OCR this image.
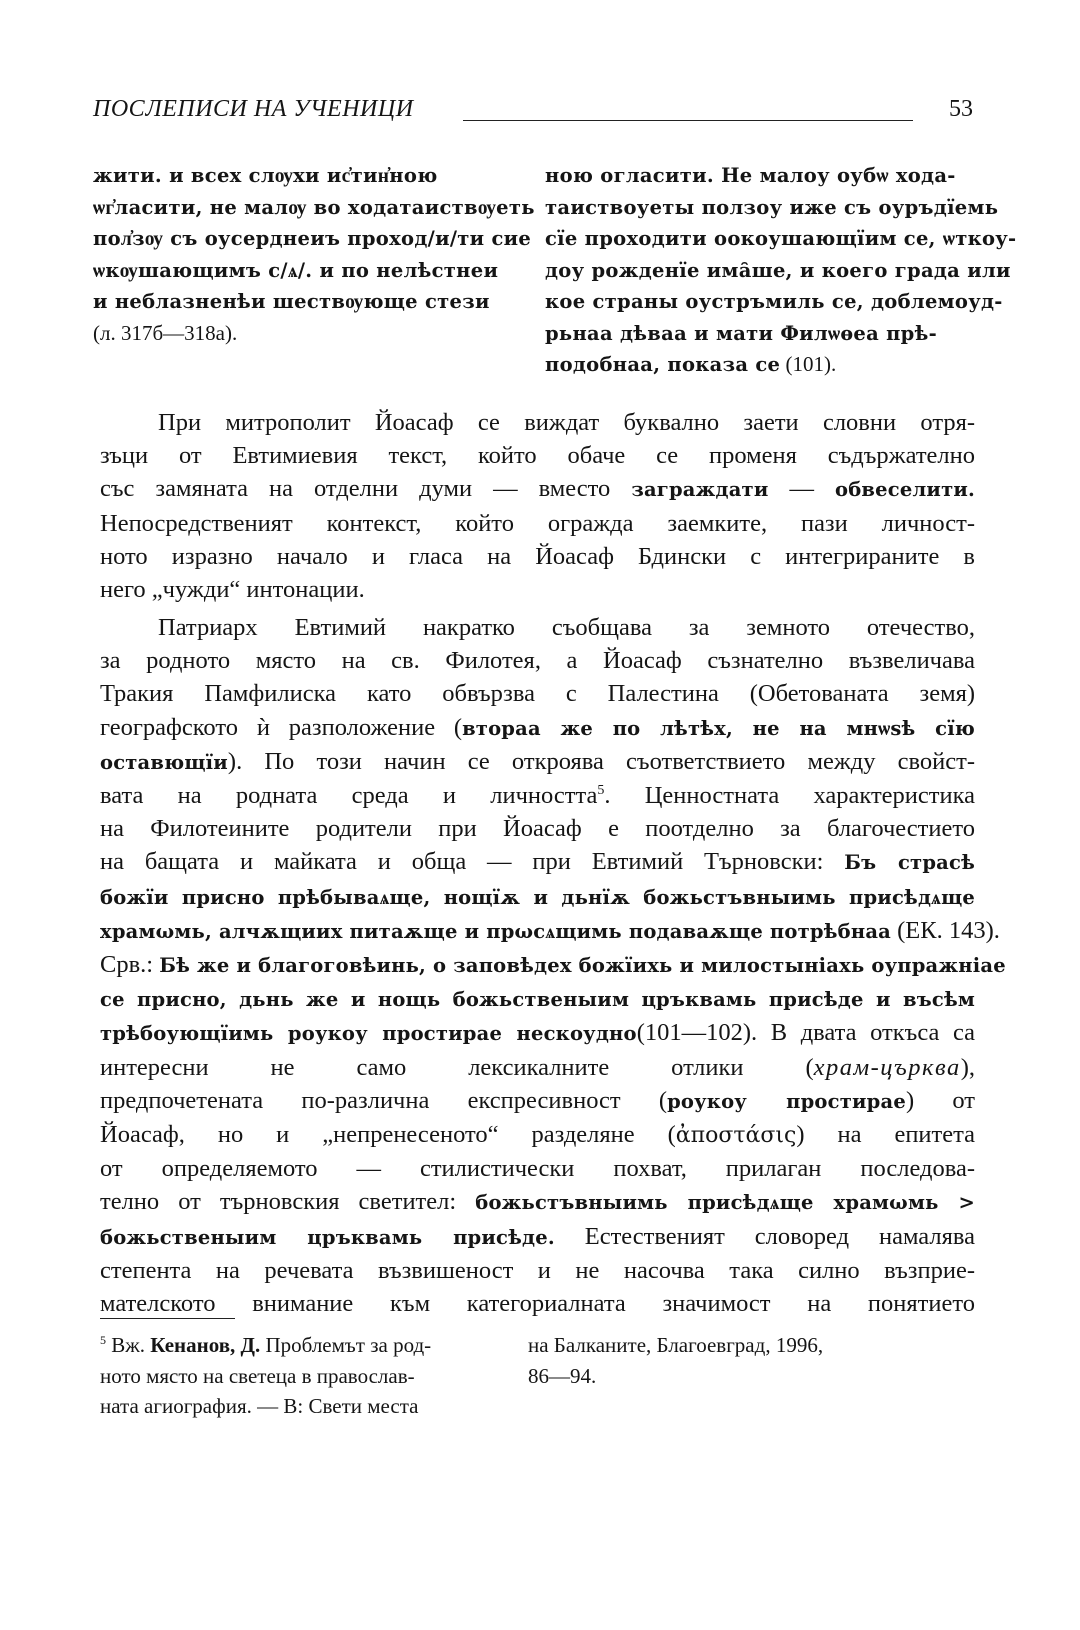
ПОСЛЕПИСИ НА УЧЕНИЦИ	53
жити. и всех слѹхи ис҆тин҆ною
ѡг҆ласити, не малѹ во ходатаиствѹеть
пол҆зѹ съ оусерднеиъ проход/и/ти сие
ѡкѹшающимъ с/ѧ/. и по нелѣстнеи
и неблазненѣи шествѹюще стези
(л. 317б—318а).
ною огласити. Не малоу оубѡ хода-
таиствоуеты ползоу иже съ оуръдїемь
сїе проходити оокоушающїим се, ѡткоу-
доу рожденїе има̑ше, и коего града или
кое страны оустръмиль се, доблемоуд-
рьнаа дѣваа и мати Филѡѳеа прѣ-
подобнаа, показа се (101).
При митрополит Йоасаф се виждат буквално заети словни отря-
зъци от Евтимиевия текст, който обаче се променя съдържателно
със замяната на отделни думи — вместо заграждати — обвеселити.
Непосредственият контекст, който огражда заемките, пази личност-
ното изразно начало и гласа на Йоасаф Бдински с интегрираните в
него „чужди“ интонации.
Патриарх Евтимий накратко съобщава за земното отечество,
за родното място на св. Филотея, а Йоасаф съзнателно възвеличава
Тракия Памфилиска като обвързва с Палестина (Обетованата земя)
географското ѝ разположение (втораа же по лѣтѣх, не на мнѡѕѣ сїю
оставющїи). По този начин се откроява съответствието между свойст-
вата на родната среда и личността$^5$. Ценностната характеристика
на Филотеините родители при Йоасаф е поотделно за благочестието
на бащата и майката и обща — при Евтимий Търновски: Бъ страсѣ
божїи присно прѣбываѧще, нощїѫ и дьнїѫ божьстъвныимь присѣдѧще
храмωмь, алчѫщиих питаѫще и прωсѧщимь подаваѫще потрѣбнаа (ЕК. 143).
Срв.: Бѣ же и благоговѣинь, о заповѣдех божїихь и милостынiахь оупражнiае
се присно, дьнь же и нощь божьственыим цръквамь присѣде и въсѣм
трѣбоующїимь роукоу простирае нескоудно(101—102). В двата откъса са
интересни не само лексикалните отлики (храм-църква),
предпочетената по-различна експресивност (роукоу простирае) от
Йоасаф, но и „непренесеното“ разделяне (ἀποστάσις) на епитета
от определяемото — стилистически похват, прилаган последова-
телно от търновския светител: божьстъвныимь присѣдѧще храмωмь >
божьственыим цръквамь присѣде. Естественият словоред намалява
степента на речевата възвишеност и не насочва така силно възприе-
мателското внимание към категориалната значимост на понятието
$^5$ Вж. Кенанов, Д. Проблемът за род-
ното място на светеца в православ-
ната агиография. — В: Свети места
на Балканите, Благоевград, 1996,
86—94.
